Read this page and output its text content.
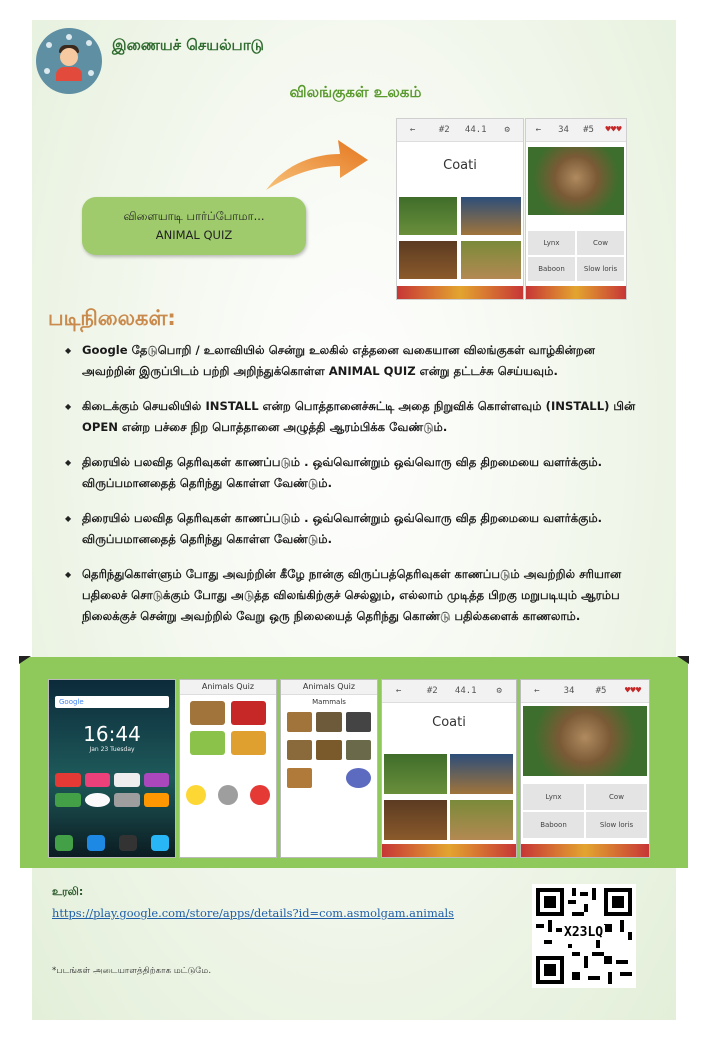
இணையச் செயல்பாடு
விலங்குகள் உலகம்
விளையாடி பார்ப்போமா...
ANIMAL QUIZ
←	#2	44.1	⚙
Coati
←	34	#5	♥♥♥
Lynx	Cow
Baboon	Slow loris
படிநிலைகள்:
◆ Google தேடுபொறி / உலாவியில் சென்று உலகில் எத்தனை வகையான விலங்குகள் வாழ்கின்றன அவற்றின் இருப்பிடம் பற்றி அறிந்துக்கொள்ள ANIMAL QUIZ என்று தட்டச்சு செய்யவும்.
◆ கிடைக்கும் செயலியில் INSTALL என்ற பொத்தானைச்சுட்டி அதை நிறுவிக் கொள்ளவும் (INSTALL) பின் OPEN என்ற பச்சை நிற பொத்தானை அழுத்தி ஆரம்பிக்க வேண்டும்.
◆ திரையில் பலவித தெரிவுகள் காணப்படும் . ஒவ்வொன்றும் ஒவ்வொரு வித திறமையை வளர்க்கும். விருப்பமானதைத் தெரிந்து கொள்ள வேண்டும்.
◆ திரையில் பலவித தெரிவுகள் காணப்படும் . ஒவ்வொன்றும் ஒவ்வொரு வித திறமையை வளர்க்கும். விருப்பமானதைத் தெரிந்து கொள்ள வேண்டும்.
◆ தெரிந்துகொள்ளும் போது அவற்றின் கீழே நான்கு விருப்பத்தெரிவுகள் காணப்படும் அவற்றில் சரியான பதிலைச் சொடுக்கும் போது அடுத்த விலங்கிற்குச் செல்லும், எல்லாம் முடித்த பிறகு மறுபடியும் ஆரம்ப நிலைக்குச் சென்று அவற்றில் வேறு ஒரு நிலையைத் தெரிந்து கொண்டு பதில்களைக் காணலாம்.
Google
16:44
Jan 23 Tuesday
Animals Quiz	Animals Quiz
Mammals
←	#2	44.1	⚙
Coati
←	34	#5	♥♥♥
Lynx	Cow
Baboon	Slow loris
உரலி:
https://play.google.com/store/apps/details?id=com.asmolgam.animals
X23LQ
*படங்கள் அடையாளத்திற்காக மட்டுமே.
